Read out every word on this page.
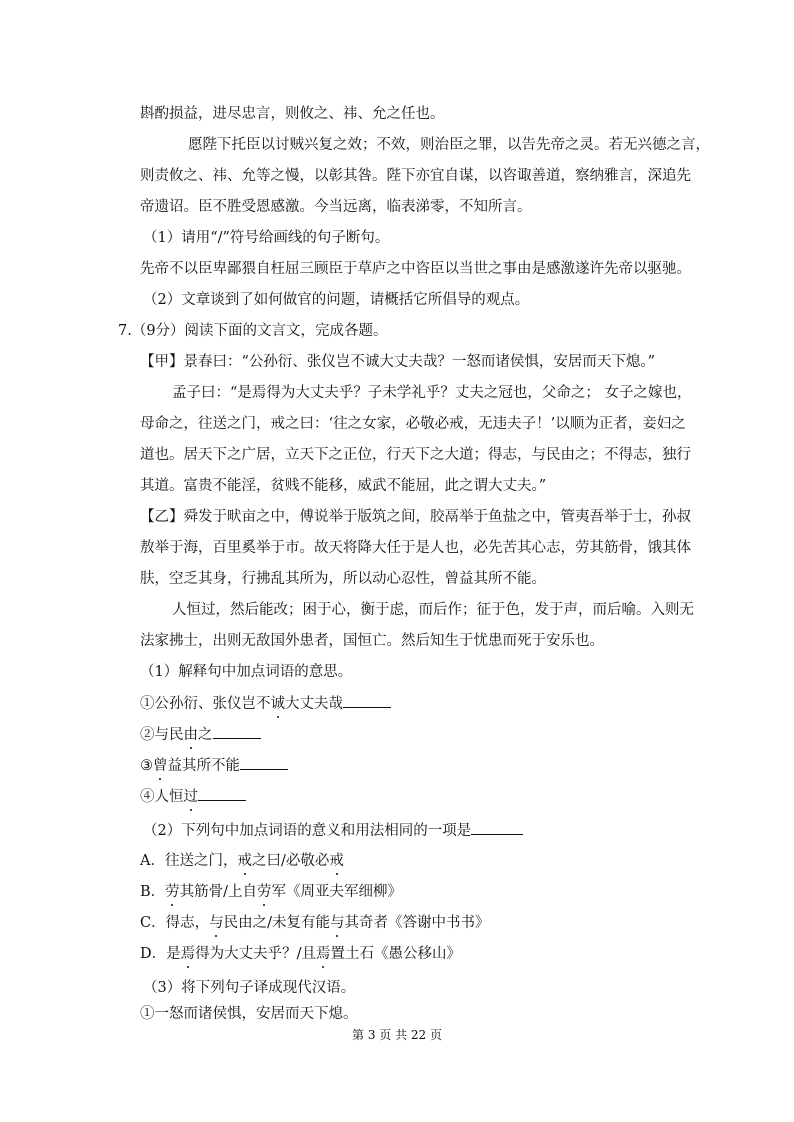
斟酌损益，进尽忠言，则攸之、祎、允之任也。
愿陛下托臣以讨贼兴复之效；不效，则治臣之罪，以告先帝之灵。若无兴德之言，
则责攸之、祎、允等之慢，以彰其咎。陛下亦宜自谋，以咨诹善道，察纳雅言，深追先
帝遗诏。臣不胜受恩感激。今当远离，临表涕零，不知所言。
（1）请用“/”符号给画线的句子断句。
先帝不以臣卑鄙猥自枉屈三顾臣于草庐之中咨臣以当世之事由是感激遂许先帝以驱驰。
（2）文章谈到了如何做官的问题，请概括它所倡导的观点。
7.（9分）阅读下面的文言文，完成各题。
【甲】景春曰：“公孙衍、张仪岂不诚大丈夫哉？一怒而诸侯惧，安居而天下熄。”
孟子曰：“是焉得为大丈夫乎？子未学礼乎？丈夫之冠也，父命之； 女子之嫁也，
母命之，往送之门，戒之曰：‘往之女家，必敬必戒，无违夫子！’以顺为正者，妾妇之
道也。居天下之广居，立天下之正位，行天下之大道；得志，与民由之；不得志，独行
其道。富贵不能淫，贫贱不能移，威武不能屈，此之谓大丈夫。”
【乙】舜发于畎亩之中，傅说举于版筑之间，胶鬲举于鱼盐之中，管夷吾举于士，孙叔
敖举于海，百里奚举于市。故天将降大任于是人也，必先苦其心志，劳其筋骨，饿其体
肤，空乏其身，行拂乱其所为，所以动心忍性，曾益其所不能。
人恒过，然后能改；困于心，衡于虑，而后作；征于色，发于声，而后喻。入则无
法家拂士，出则无敌国外患者，国恒亡。然后知生于忧患而死于安乐也。
（1）解释句中加点词语的意思。
①公孙衍、张仪岂不诚大丈夫哉
②与民由之
③曾益其所不能
④人恒过
（2）下列句中加点词语的意义和用法相同的一项是
A．往送之门，戒之曰/必敬必戒
B．劳其筋骨/上自劳军《周亚夫军细柳》
C．得志，与民由之/未复有能与其奇者《答谢中书书》
D．是焉得为大丈夫乎？/且焉置土石《愚公移山》
（3）将下列句子译成现代汉语。
①一怒而诸侯惧，安居而天下熄。
第 3 页 共 22 页
